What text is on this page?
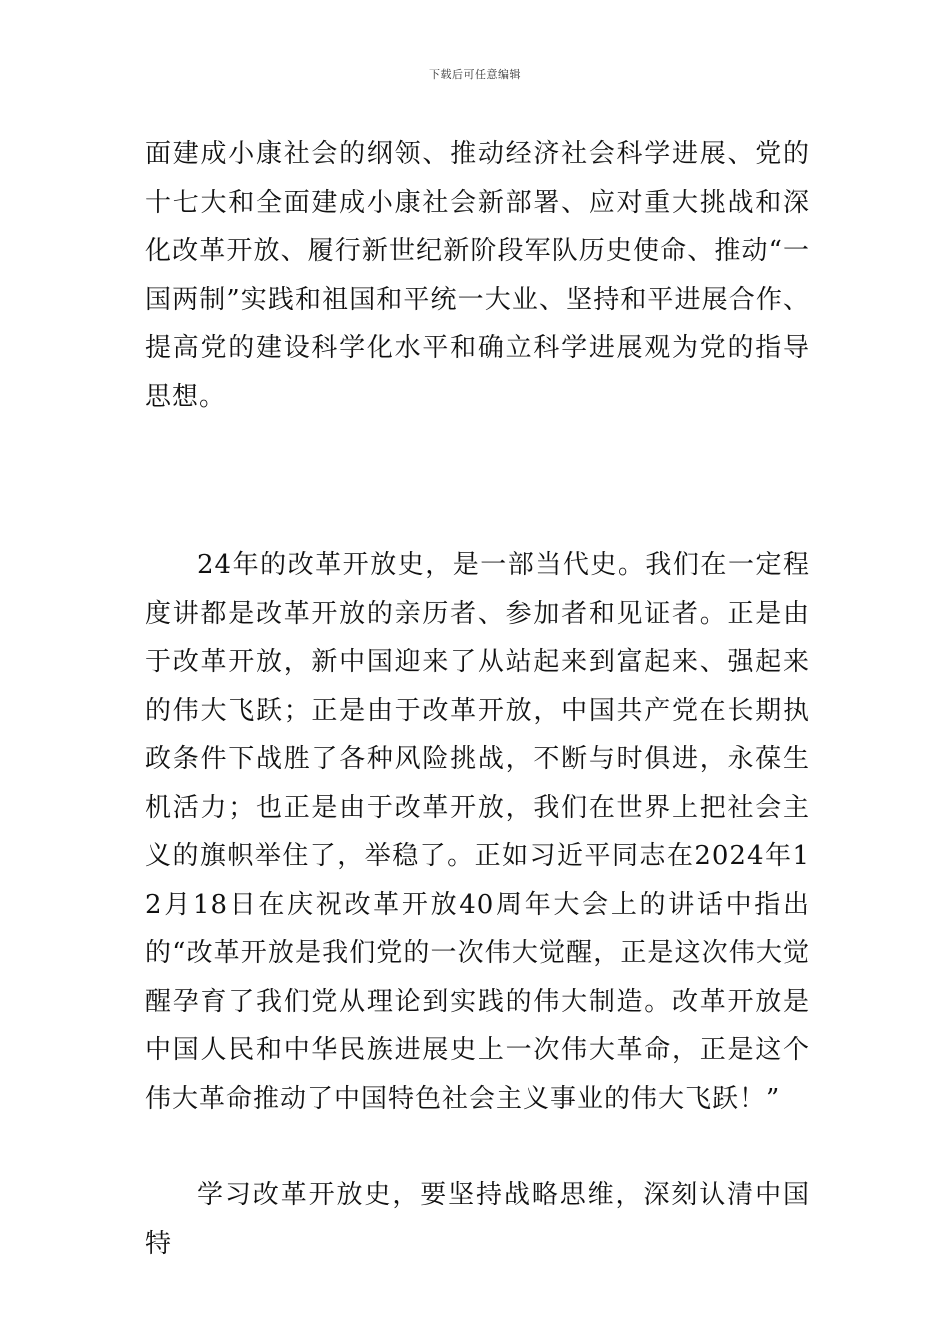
下载后可任意编辑

面建成小康社会的纲领、推动经济社会科学进展、党的十七大和全面建成小康社会新部署、应对重大挑战和深化改革开放、履行新世纪新阶段军队历史使命、推动“一国两制”实践和祖国和平统一大业、坚持和平进展合作、提高党的建设科学化水平和确立科学进展观为党的指导思想。

24年的改革开放史，是一部当代史。我们在一定程度讲都是改革开放的亲历者、参加者和见证者。正是由于改革开放，新中国迎来了从站起来到富起来、强起来的伟大飞跃；正是由于改革开放，中国共产党在长期执政条件下战胜了各种风险挑战，不断与时俱进，永葆生机活力；也正是由于改革开放，我们在世界上把社会主义的旗帜举住了，举稳了。正如习近平同志在2024年12月18日在庆祝改革开放40周年大会上的讲话中指出的“改革开放是我们党的一次伟大觉醒，正是这次伟大觉醒孕育了我们党从理论到实践的伟大制造。改革开放是中国人民和中华民族进展史上一次伟大革命，正是这个伟大革命推动了中国特色社会主义事业的伟大飞跃！”

学习改革开放史，要坚持战略思维，深刻认清中国特
